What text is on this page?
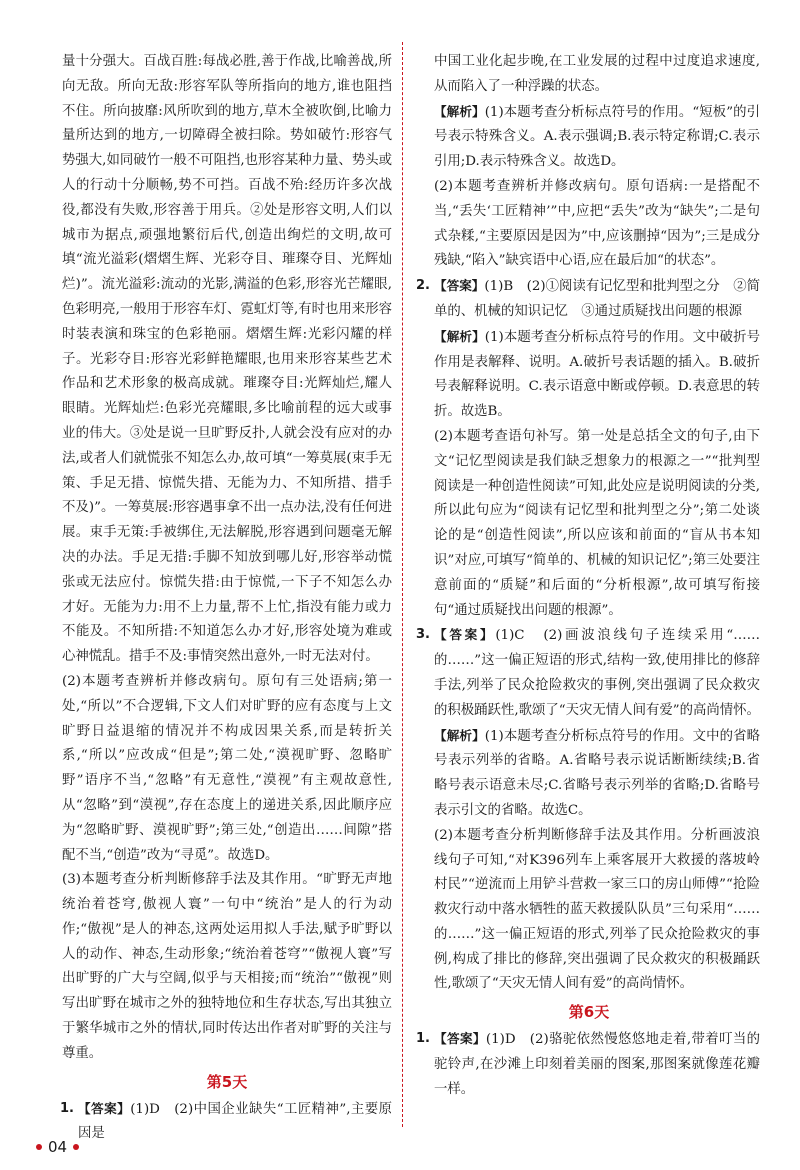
量十分强大。百战百胜:每战必胜,善于作战,比喻善战,所向无敌。所向无敌:形容军队等所指向的地方,谁也阻挡不住。所向披靡:风所吹到的地方,草木全被吹倒,比喻力量所达到的地方,一切障碍全被扫除。势如破竹:形容气势强大,如同破竹一般不可阻挡,也形容某种力量、势头或人的行动十分顺畅,势不可挡。百战不殆:经历许多次战役,都没有失败,形容善于用兵。②处是形容文明,人们以城市为据点,顽强地繁衍后代,创造出绚烂的文明,故可填“流光溢彩(熠熠生辉、光彩夺目、璀璨夺目、光辉灿烂)”。流光溢彩:流动的光影,满溢的色彩,形容光芒耀眼,色彩明亮,一般用于形容车灯、霓虹灯等,有时也用来形容时装表演和珠宝的色彩艳丽。熠熠生辉:光彩闪耀的样子。光彩夺目:形容光彩鲜艳耀眼,也用来形容某些艺术作品和艺术形象的极高成就。璀璨夺目:光辉灿烂,耀人眼睛。光辉灿烂:色彩光亮耀眼,多比喻前程的远大或事业的伟大。③处是说一旦旷野反扑,人就会没有应对的办法,或者人们就慌张不知怎么办,故可填“一筹莫展(束手无策、手足无措、惊慌失措、无能为力、不知所措、措手不及)”。一筹莫展:形容遇事拿不出一点办法,没有任何进展。束手无策:手被绑住,无法解脱,形容遇到问题毫无解决的办法。手足无措:手脚不知放到哪儿好,形容举动慌张或无法应付。惊慌失措:由于惊慌,一下子不知怎么办才好。无能为力:用不上力量,帮不上忙,指没有能力或力不能及。不知所措:不知道怎么办才好,形容处境为难或心神慌乱。措手不及:事情突然出意外,一时无法对付。

(2)本题考查辨析并修改病句。原句有三处语病;第一处,“所以”不合逻辑,下文人们对旷野的应有态度与上文旷野日益退缩的情况并不构成因果关系,而是转折关系,“所以”应改成“但是”;第二处,“漠视旷野、忽略旷野”语序不当,“忽略”有无意性,“漠视”有主观故意性,从“忽略”到“漠视”,存在态度上的递进关系,因此顺序应为“忽略旷野、漠视旷野”;第三处,“创造出……间隙”搭配不当,“创造”改为“寻觅”。故选D。

(3)本题考查分析判断修辞手法及其作用。“旷野无声地统治着苍穹,傲视人寰”一句中“统治”是人的行为动作;“傲视”是人的神态,这两处运用拟人手法,赋予旷野以人的动作、神态,生动形象;“统治着苍穹”“傲视人寰”写出旷野的广大与空阔,似乎与天相接;而“统治”“傲视”则写出旷野在城市之外的独特地位和生存状态,写出其独立于繁华城市之外的情状,同时传达出作者对旷野的关注与尊重。

第5天

1. 【答案】(1)D　(2)中国企业缺失“工匠精神”,主要原因是

中国工业化起步晚,在工业发展的过程中过度追求速度,从而陷入了一种浮躁的状态。

【解析】(1)本题考查分析标点符号的作用。“短板”的引号表示特殊含义。A.表示强调;B.表示特定称谓;C.表示引用;D.表示特殊含义。故选D。

(2)本题考查辨析并修改病句。原句语病:一是搭配不当,“丢失‘工匠精神’”中,应把“丢失”改为“缺失”;二是句式杂糅,“主要原因是因为”中,应该删掉“因为”;三是成分残缺,“陷入”缺宾语中心语,应在最后加“的状态”。

2. 【答案】(1)B　(2)①阅读有记忆型和批判型之分　②简单的、机械的知识记忆　③通过质疑找出问题的根源

【解析】(1)本题考查分析标点符号的作用。文中破折号作用是表解释、说明。A.破折号表话题的插入。B.破折号表解释说明。C.表示语意中断或停顿。D.表意思的转折。故选B。

(2)本题考查语句补写。第一处是总括全文的句子,由下文“记忆型阅读是我们缺乏想象力的根源之一”“批判型阅读是一种创造性阅读”可知,此处应是说明阅读的分类,所以此句应为“阅读有记忆型和批判型之分”;第二处谈论的是“创造性阅读”,所以应该和前面的“盲从书本知识”对应,可填写“简单的、机械的知识记忆”;第三处要注意前面的“质疑”和后面的“分析根源”,故可填写衔接句“通过质疑找出问题的根源”。

3. 【答案】(1)C　(2)画波浪线句子连续采用“……的……”这一偏正短语的形式,结构一致,使用排比的修辞手法,列举了民众抢险救灾的事例,突出强调了民众救灾的积极踊跃性,歌颂了“天灾无情人间有爱”的高尚情怀。

【解析】(1)本题考查分析标点符号的作用。文中的省略号表示列举的省略。A.省略号表示说话断断续续;B.省略号表示语意未尽;C.省略号表示列举的省略;D.省略号表示引文的省略。故选C。

(2)本题考查分析判断修辞手法及其作用。分析画波浪线句子可知,“对K396列车上乘客展开大救援的落坡岭村民”“逆流而上用铲斗营救一家三口的房山师傅”“抢险救灾行动中落水牺牲的蓝天救援队队员”三句采用“……的……”这一偏正短语的形式,列举了民众抢险救灾的事例,构成了排比的修辞,突出强调了民众救灾的积极踊跃性,歌颂了“天灾无情人间有爱”的高尚情怀。

第6天

1. 【答案】(1)D　(2)骆驼依然慢悠悠地走着,带着叮当的驼铃声,在沙滩上印刻着美丽的图案,那图案就像莲花瓣一样。

04
